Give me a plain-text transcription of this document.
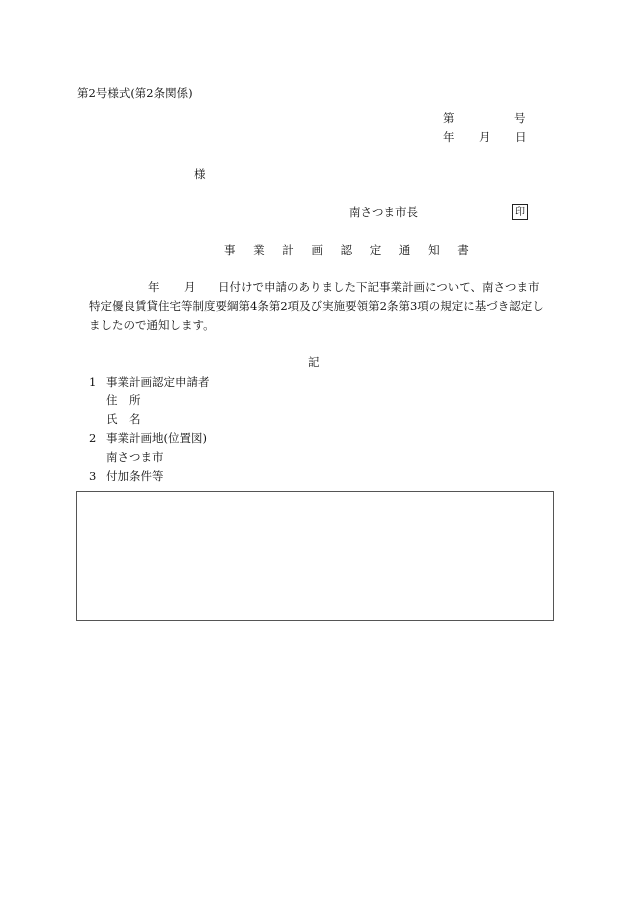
第2号様式(第2条関係)
第	号
年 月 日
様
南さつま市長	印
事 業 計 画 認 定 通 知 書
年 月 日付けで申請のありました下記事業計画について、南さつま市
特定優良賃貸住宅等制度要綱第4条第2項及び実施要領第2条第3項の規定に基づき認定し
ましたので通知します。
記
1 事業計画認定申請者
住　所
氏　名
2 事業計画地(位置図)
南さつま市
3 付加条件等
